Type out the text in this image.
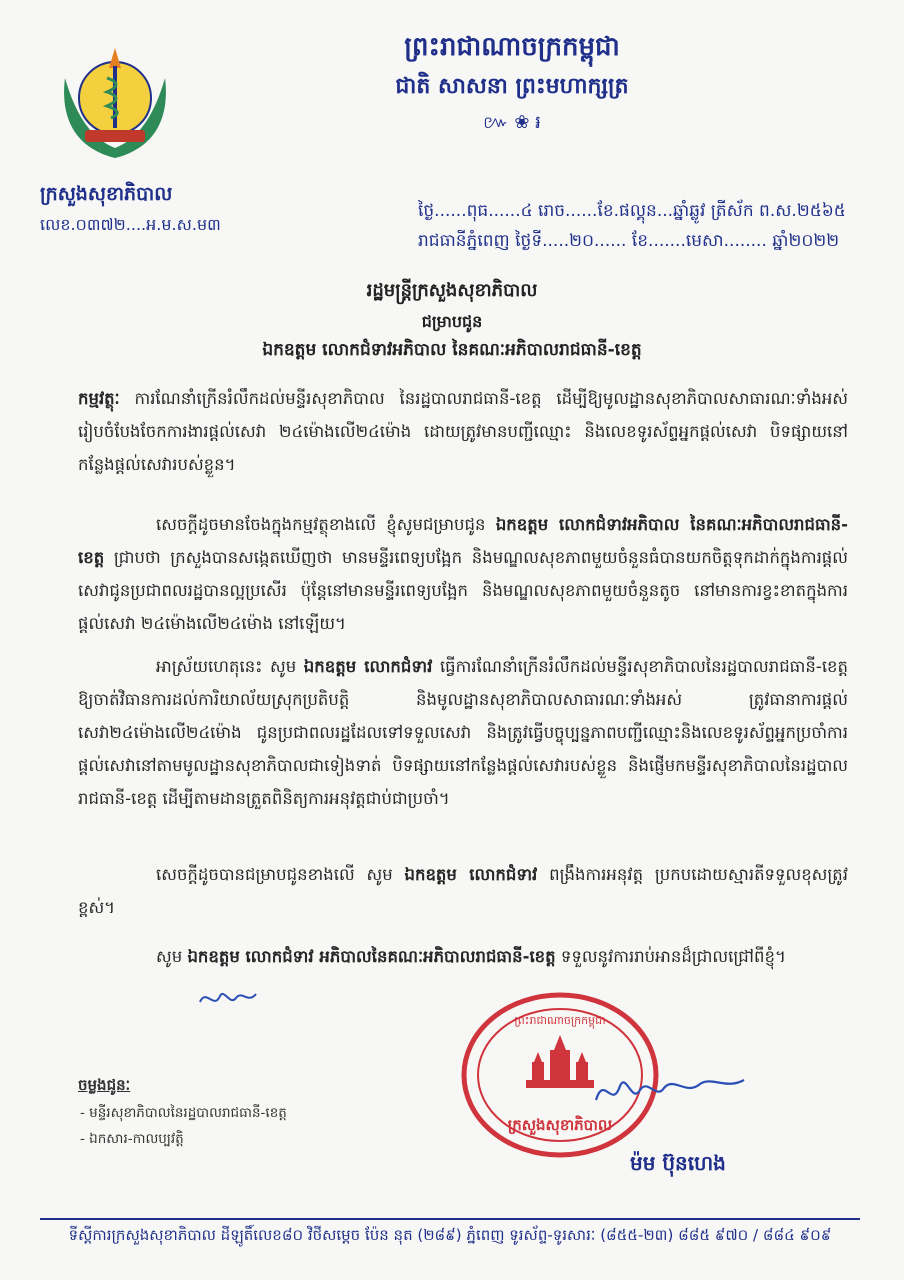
ព្រះរាជាណាចក្រកម្ពុជា
ជាតិ សាសនា ព្រះមហាក្សត្រ
៚ ❀ ៛
ក្រសួងសុខាភិបាល
លេខ.០៣៧២....អ.ម.ស.ម៣
ថ្ងៃ......ពុធ......៤ រោច......ខែ.ផល្គុន...ឆ្នាំឆ្លូវ ត្រីស័ក ព.ស.២៥៦៥
រាជធានីភ្នំពេញ ថ្ងៃទី.....២០...... ខែ.......មេសា........ ឆ្នាំ២០២២
រដ្ឋមន្ត្រីក្រសួងសុខាភិបាល
ជម្រាបជូន
ឯកឧត្តម លោកជំទាវអភិបាល នៃគណៈអភិបាលរាជធានី-ខេត្ត
កម្មវត្ថុៈ ការណែនាំក្រើនរំលឹកដល់មន្ទីរសុខាភិបាល នៃរដ្ឋបាលរាជធានី-ខេត្ត ដើម្បីឱ្យមូលដ្ឋានសុខាភិបាលសាធារណៈទាំងអស់ រៀបចំបែងចែកការងារផ្តល់សេវា ២៤ម៉ោងលើ២៤ម៉ោង ដោយត្រូវមានបញ្ជីឈ្មោះ និងលេខទូរស័ព្ទអ្នកផ្តល់សេវា បិទផ្សាយនៅកន្លែងផ្តល់សេវារបស់ខ្លួន។
សេចក្តីដូចមានចែងក្នុងកម្មវត្ថុខាងលើ ខ្ញុំសូមជម្រាបជូន ឯកឧត្តម លោកជំទាវអភិបាល នៃគណៈអភិបាលរាជធានី-ខេត្ត ជ្រាបថា ក្រសួងបានសង្កេតឃើញថា មានមន្ទីរពេទ្យបង្អែក និងមណ្ឌលសុខភាពមួយចំនួនធំបានយកចិត្តទុកដាក់ក្នុងការផ្តល់សេវាជូនប្រជាពលរដ្ឋបានល្អប្រសើរ ប៉ុន្តែនៅមានមន្ទីរពេទ្យបង្អែក និងមណ្ឌលសុខភាពមួយចំនួនតូច នៅមានការខ្វះខាតក្នុងការផ្តល់សេវា ២៤ម៉ោងលើ២៤ម៉ោង នៅឡើយ។
អាស្រ័យហេតុនេះ សូម ឯកឧត្តម លោកជំទាវ ធ្វើការណែនាំក្រើនរំលឹកដល់មន្ទីរសុខាភិបាលនៃរដ្ឋបាលរាជធានី-ខេត្ត ឱ្យចាត់វិធានការដល់ការិយាល័យស្រុកប្រតិបត្តិ និងមូលដ្ឋានសុខាភិបាលសាធារណៈទាំងអស់ ត្រូវធានាការផ្តល់សេវា២៤ម៉ោងលើ២៤ម៉ោង ជូនប្រជាពលរដ្ឋដែលទៅទទួលសេវា និងត្រូវធ្វើបច្ចុប្បន្នភាពបញ្ជីឈ្មោះនិងលេខទូរស័ព្ទអ្នកប្រចាំការផ្តល់សេវានៅតាមមូលដ្ឋានសុខាភិបាលជាទៀងទាត់ បិទផ្សាយនៅកន្លែងផ្តល់សេវារបស់ខ្លួន និងផ្ញើមកមន្ទីរសុខាភិបាលនៃរដ្ឋបាលរាជធានី-ខេត្ត ដើម្បីតាមដានត្រួតពិនិត្យការអនុវត្តជាប់ជាប្រចាំ។
សេចក្តីដូចបានជម្រាបជូនខាងលើ សូម ឯកឧត្តម លោកជំទាវ ពង្រឹងការអនុវត្ត ប្រកបដោយស្មារតីទទួលខុសត្រូវខ្ពស់។
សូម ឯកឧត្តម លោកជំទាវ អភិបាលនៃគណៈអភិបាលរាជធានី-ខេត្ត ទទួលនូវការរាប់អានដ៏ជ្រាលជ្រៅពីខ្ញុំ។
ចម្លងជូនៈ
- មន្ទីរសុខាភិបាលនៃរដ្ឋបាលរាជធានី-ខេត្ត
- ឯកសារ-កាលប្បវត្តិ
ព្រះរាជាណាចក្រកម្ពុជា
ក្រសួងសុខាភិបាល
ម៉ម ប៊ុនហេង
ទីស្តីការក្រសួងសុខាភិបាល ដីឡូតិ៍លេខ៨០ វិថីសម្តេច ប៉ែន នុត (២៨៩) ភ្នំពេញ ទូរស័ព្ទ-ទូរសារៈ (៨៥៥-២៣) ៨៨៥ ៩៧០ / ៨៨៤ ៩០៩
